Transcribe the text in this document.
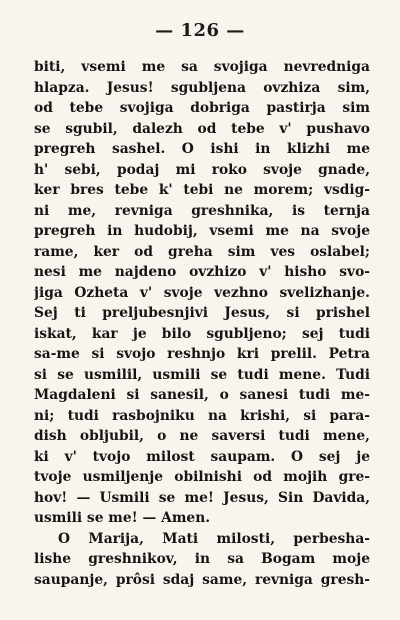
— 126 —
biti, vsemi me sa svojiga nevredniga
hlapza. Jesus! sgubljena ovzhiza sim,
od tebe svojiga dobriga pastirja sim
se sgubil, dalezh od tebe v' pushavo
pregreh sashel. O ishi in klizhi me
h' sebi, podaj mi roko svoje gnade,
ker bres tebe k' tebi ne morem; vsdig-
ni me, revniga greshnika, is ternja
pregreh in hudobij, vsemi me na svoje
rame, ker od greha sim ves oslabel;
nesi me najdeno ovzhizo v' hisho svo-
jiga Ozheta v' svoje vezhno svelizhanje.
Sej ti preljubesnjivi Jesus, si prishel
iskat, kar je bilo sgubljeno; sej tudi
sa-me si svojo reshnjo kri prelil. Petra
si se usmilil, usmili se tudi mene. Tudi
Magdaleni si sanesil, o sanesi tudi me-
ni; tudi rasbojniku na krishi, si para-
dish obljubil, o ne saversi tudi mene,
ki v' tvojo milost saupam. O sej je
tvoje usmiljenje obilnishi od mojih gre-
hov! — Usmili se me! Jesus, Sin Davida,
usmili se me! — Amen.
O Marija, Mati milosti, perbesha-
lishe greshnikov, in sa Bogam moje
saupanje, prôsi sdaj same, revniga gresh-
